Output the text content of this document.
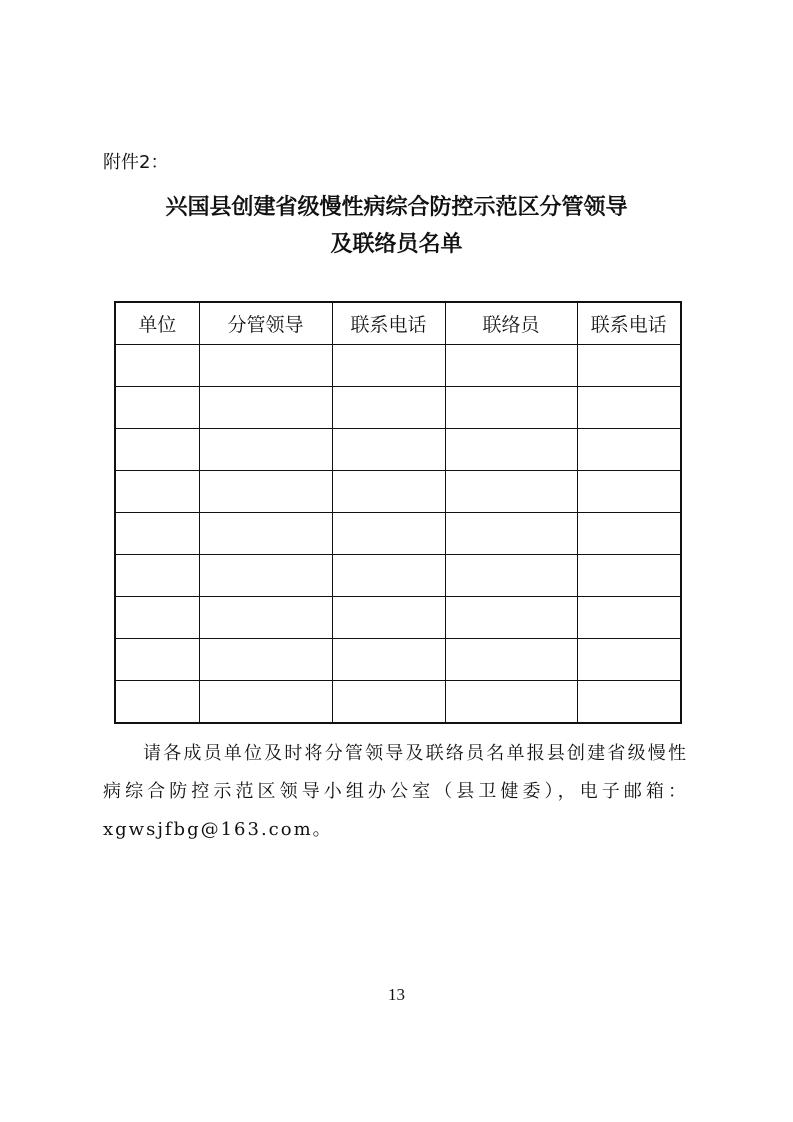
附件2：
兴国县创建省级慢性病综合防控示范区分管领导
及联络员名单
单位	分管领导	联系电话	联络员	联系电话

请各成员单位及时将分管领导及联络员名单报县创建省级慢性病综合防控示范区领导小组办公室（县卫健委），电子邮箱：xgwsjfbg@163.com。
13
